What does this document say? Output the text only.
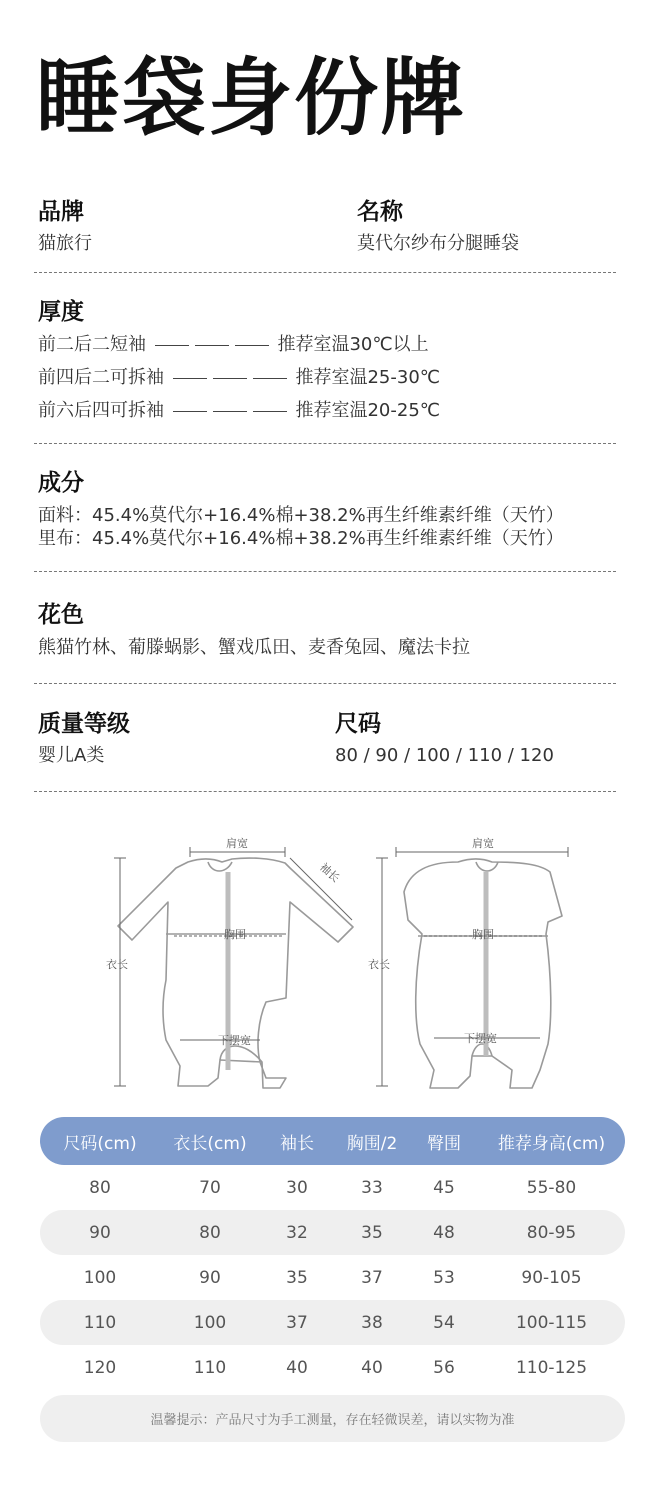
睡袋身份牌
品牌
猫旅行
名称
莫代尔纱布分腿睡袋
厚度
前二后二短袖	推荐室温30℃以上
前四后二可拆袖	推荐室温25-30℃
前六后四可拆袖	推荐室温20-25℃
成分
面料：45.4%莫代尔+16.4%棉+38.2%再生纤维素纤维（天竹）
里布：45.4%莫代尔+16.4%棉+38.2%再生纤维素纤维（天竹）
花色
熊猫竹林、葡滕蜗影、蟹戏瓜田、麦香兔园、魔法卡拉
质量等级
婴儿A类
尺码
80 / 90 / 100 / 110 / 120
肩宽
袖长
胸围
衣长
下摆宽
肩宽
胸围
衣长
下摆宽
尺码(cm)	衣长(cm)	袖长	胸围/2	臀围	推荐身高(cm)
80	70	30	33	45	55-80
90	80	32	35	48	80-95
100	90	35	37	53	90-105
110	100	37	38	54	100-115
120	110	40	40	56	110-125
温馨提示：产品尺寸为手工测量，存在轻微误差，请以实物为准
